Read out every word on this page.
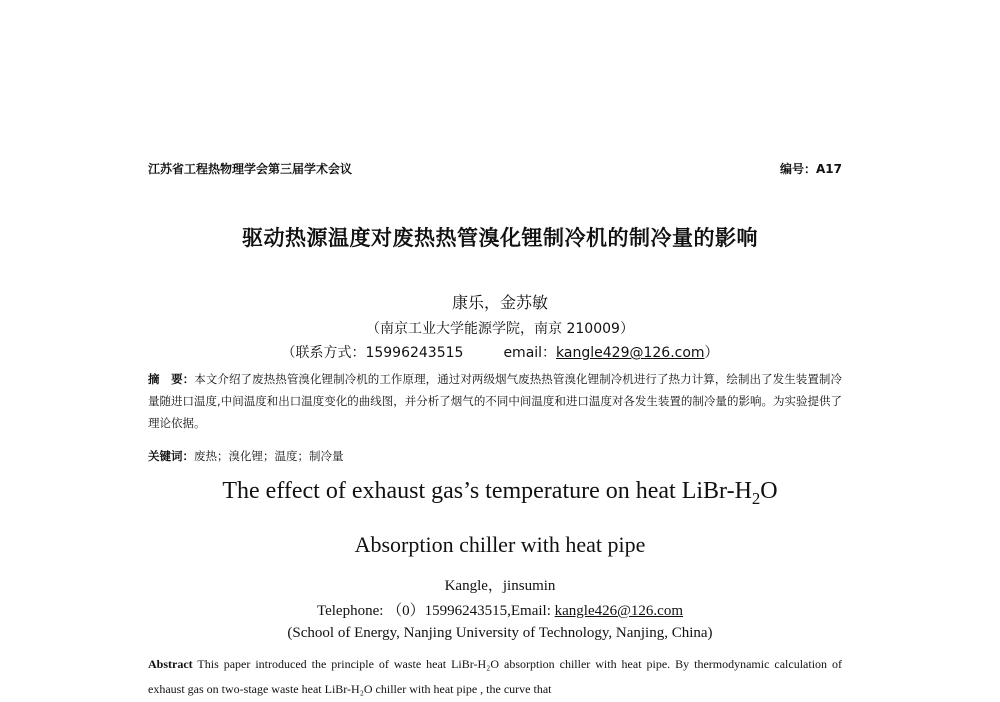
江苏省工程热物理学会第三届学术会议	编号：A17
驱动热源温度对废热热管溴化锂制冷机的制冷量的影响
康乐，金苏敏
（南京工业大学能源学院，南京 210009）
（联系方式：15996243515	email：kangle429@126.com）
摘　要：本文介绍了废热热管溴化锂制冷机的工作原理，通过对两级烟气废热热管溴化锂制冷机进行了热力计算，绘制出了发生装置制冷量随进口温度,中间温度和出口温度变化的曲线图，并分析了烟气的不同中间温度和进口温度对各发生装置的制冷量的影响。为实验提供了理论依据。
关键词：废热；溴化锂；温度；制冷量
The effect of exhaust gas’s temperature on heat LiBr-$H_2O$
Absorption chiller with heat pipe
Kangle，jinsumin
Telephone: （0）15996243515,Email: kangle426@126.com
(School of Energy, Nanjing University of Technology, Nanjing, China)
Abstract This paper introduced the principle of waste heat LiBr-H₂O absorption chiller with heat pipe. By thermodynamic calculation of exhaust gas on two-stage waste heat LiBr-H₂O chiller with heat pipe , the curve that
